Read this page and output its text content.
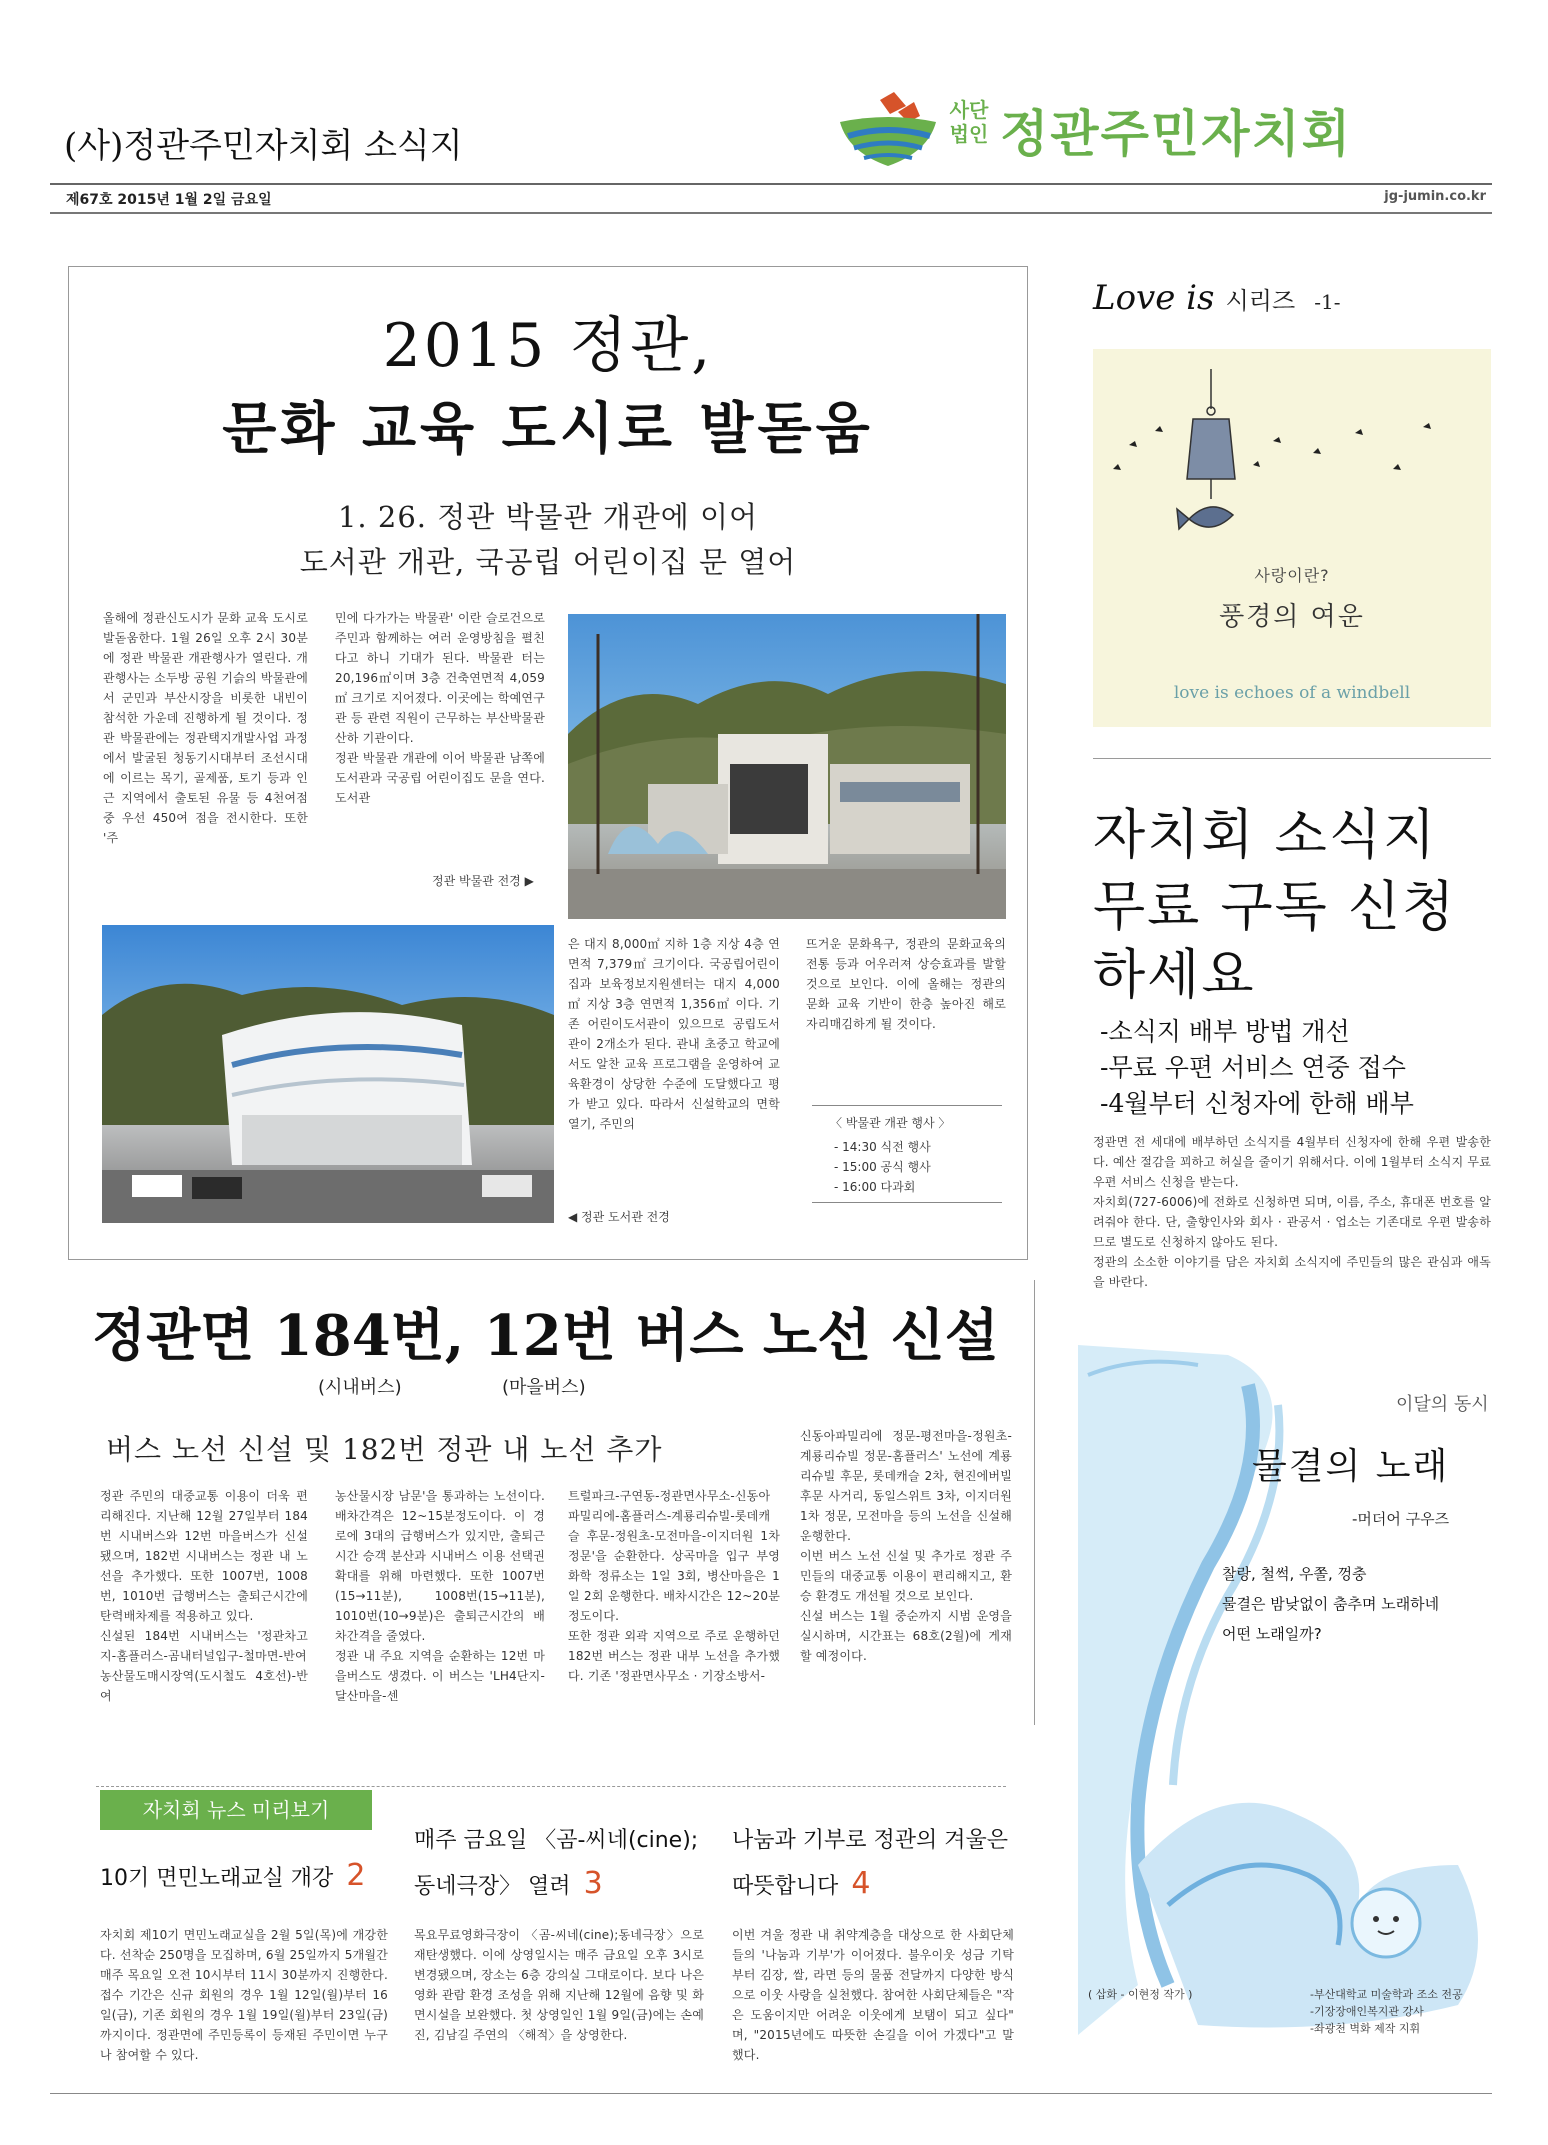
(사)정관주민자치회 소식지
사단
법인 정관주민자치회
제67호 2015년 1월 2일 금요일	jg-jumin.co.kr
2015 정관,
문화 교육 도시로 발돋움
1. 26. 정관 박물관 개관에 이어
도서관 개관, 국공립 어린이집 문 열어
올해에 정관신도시가 문화 교육 도시로 발돋움한다. 1월 26일 오후 2시 30분에 정관 박물관 개관행사가 열린다. 개관행사는 소두방 공원 기슭의 박물관에서 군민과 부산시장을 비롯한 내빈이 참석한 가운데 진행하게 될 것이다. 정관 박물관에는 정관택지개발사업 과정에서 발굴된 청동기시대부터 조선시대에 이르는 목기, 골제품, 토기 등과 인근 지역에서 출토된 유물 등 4천여점 중 우선 450여 점을 전시한다. 또한 '주
민에 다가가는 박물관' 이란 슬로건으로 주민과 함께하는 여러 운영방침을 펼친다고 하니 기대가 된다. 박물관 터는 20,196㎡이며 3층 건축연면적 4,059㎡ 크기로 지어졌다. 이곳에는 학예연구관 등 관련 직원이 근무하는 부산박물관 산하 기관이다.
정관 박물관 개관에 이어 박물관 남쪽에 도서관과 국공립 어린이집도 문을 연다. 도서관
정관 박물관 전경 ▶
은 대지 8,000㎡ 지하 1층 지상 4층 연면적 7,379㎡ 크기이다. 국공립어린이집과 보육정보지원센터는 대지 4,000㎡ 지상 3층 연면적 1,356㎡ 이다. 기존 어린이도서관이 있으므로 공립도서관이 2개소가 된다. 관내 초중고 학교에서도 알찬 교육 프로그램을 운영하여 교육환경이 상당한 수준에 도달했다고 평가 받고 있다. 따라서 신설학교의 면학열기, 주민의
뜨거운 문화욕구, 정관의 문화교육의 전통 등과 어우러져 상승효과를 발할 것으로 보인다. 이에 올해는 정관의 문화 교육 기반이 한층 높아진 해로 자리매김하게 될 것이다.
〈 박물관 개관 행사 〉
- 14:30 식전 행사
- 15:00 공식 행사
- 16:00 다과회
◀ 정관 도서관 전경
Love is 시리즈 -1-
사랑이란?
풍경의 여운
love is echoes of a windbell
자치회 소식지
무료 구독 신청
하세요
-소식지 배부 방법 개선
-무료 우편 서비스 연중 접수
-4월부터 신청자에 한해 배부
정관면 전 세대에 배부하던 소식지를 4월부터 신청자에 한해 우편 발송한다. 예산 절감을 꾀하고 허실을 줄이기 위해서다. 이에 1월부터 소식지 무료 우편 서비스 신청을 받는다.
자치회(727-6006)에 전화로 신청하면 되며, 이름, 주소, 휴대폰 번호를 알려줘야 한다. 단, 출향인사와 회사 · 관공서 · 업소는 기존대로 우편 발송하므로 별도로 신청하지 않아도 된다.
정관의 소소한 이야기를 담은 자치회 소식지에 주민들의 많은 관심과 애독을 바란다.
정관면 184번, 12번 버스 노선 신설
(시내버스)	(마을버스)
버스 노선 신설 및 182번 정관 내 노선 추가
정관 주민의 대중교통 이용이 더욱 편리해진다. 지난해 12월 27일부터 184번 시내버스와 12번 마을버스가 신설됐으며, 182번 시내버스는 정관 내 노선을 추가했다. 또한 1007번, 1008번, 1010번 급행버스는 출퇴근시간에 탄력배차제를 적용하고 있다.
신설된 184번 시내버스는 '정관차고지-홈플러스-곰내터널입구-철마면-반여농산물도매시장역(도시철도 4호선)-반여
농산물시장 남문'을 통과하는 노선이다. 배차간격은 12~15분정도이다. 이 경로에 3대의 급행버스가 있지만, 출퇴근 시간 승객 분산과 시내버스 이용 선택권 확대를 위해 마련했다. 또한 1007번(15→11분), 1008번(15→11분), 1010번(10→9분)은 출퇴근시간의 배차간격을 줄였다.
정관 내 주요 지역을 순환하는 12번 마을버스도 생겼다. 이 버스는 'LH4단지-달산마을-센
트럴파크-구연동-정관면사무소-신동아파밀리에-홈플러스-계룡리슈빌-롯데캐슬 후문-정원초-모전마을-이지더원 1차 정문'을 순환한다. 상곡마을 입구 부영화학 정류소는 1일 3회, 병산마을은 1일 2회 운행한다. 배차시간은 12~20분정도이다.
또한 정관 외곽 지역으로 주로 운행하던 182번 버스는 정관 내부 노선을 추가했다. 기존 '정관면사무소 · 기장소방서-
신동아파밀리에 정문-평전마을-정원초-계룡리슈빌 정문-홈플러스' 노선에 계룡리슈빌 후문, 롯데캐슬 2차, 현진에버빌 후문 사거리, 동일스위트 3차, 이지더원 1차 정문, 모전마을 등의 노선을 신설해 운행한다.
이번 버스 노선 신설 및 추가로 정관 주민들의 대중교통 이용이 편리해지고, 환승 환경도 개선될 것으로 보인다.
신설 버스는 1월 중순까지 시범 운영을 실시하며, 시간표는 68호(2월)에 게재할 예정이다.
자치회 뉴스 미리보기
10기 면민노래교실 개강 2
자치회 제10기 면민노래교실을 2월 5일(목)에 개강한다. 선착순 250명을 모집하며, 6월 25일까지 5개월간 매주 목요일 오전 10시부터 11시 30분까지 진행한다. 접수 기간은 신규 회원의 경우 1월 12일(월)부터 16일(금), 기존 회원의 경우 1월 19일(월)부터 23일(금)까지이다. 정관면에 주민등록이 등재된 주민이면 누구나 참여할 수 있다.
매주 금요일 〈곰-씨네(cine);동네극장〉 열려 3
목요무료영화극장이 〈곰-씨네(cine);동네극장〉으로 재탄생했다. 이에 상영일시는 매주 금요일 오후 3시로 변경됐으며, 장소는 6층 강의실 그대로이다. 보다 나은 영화 관람 환경 조성을 위해 지난해 12월에 음향 및 화면시설을 보완했다. 첫 상영일인 1월 9일(금)에는 손예진, 김남길 주연의 〈해적〉을 상영한다.
나눔과 기부로 정관의 겨울은 따뜻합니다 4
이번 겨울 정관 내 취약계층을 대상으로 한 사회단체들의 '나눔과 기부'가 이어졌다. 불우이웃 성금 기탁부터 김장, 쌀, 라면 등의 물품 전달까지 다양한 방식으로 이웃 사랑을 실천했다. 참여한 사회단체들은 "작은 도움이지만 어려운 이웃에게 보탬이 되고 싶다" 며, "2015년에도 따뜻한 손길을 이어 가겠다"고 말했다.
이달의 동시
물결의 노래
-머더어 구우즈
찰랑, 철썩, 우쫄, 껑충
물결은 밤낮없이 춤추며 노래하네
어떤 노래일까?
( 삽화 - 이현정 작가 )	-부산대학교 미술학과 조소 전공
-기장장애인복지관 강사
-좌광천 벽화 제작 지휘
